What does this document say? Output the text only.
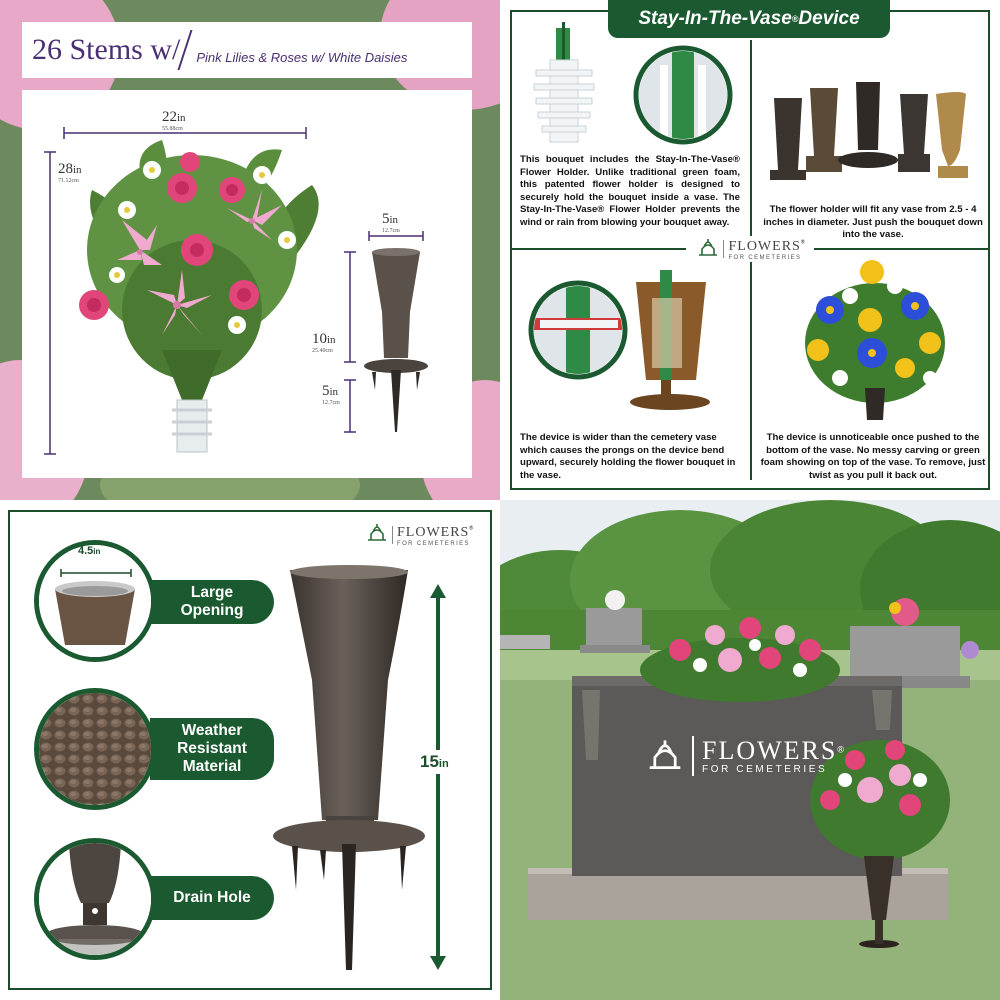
26 Stems w/ Pink Lilies & Roses w/ White Daisies
22in
55.88cm
28in
71.12cm
5in
12.7cm
10in
25.40cm
5in
12.7cm
Stay-In-The-Vase ® Device
FLOWERS®
FOR CEMETERIES
This bouquet includes the Stay-In-The-Vase® Flower Holder. Unlike traditional green foam, this patented flower holder is designed to securely hold the bouquet inside a vase. The Stay-In-The-Vase® Flower Holder prevents the wind or rain from blowing your bouquet away.
The flower holder will fit any vase from 2.5 - 4 inches in diameter. Just push the bouquet down into the vase.
The device is wider than the cemetery vase which causes the prongs on the device bend upward, securely holding the flower bouquet in the vase.
The device is unnoticeable once pushed to the bottom of the vase. No messy carving or green foam showing on top of the vase. To remove, just twist as you pull it back out.
FLOWERS®
FOR CEMETERIES
Large
Opening
4.5in
Weather
Resistant
Material
Drain Hole
15in	FLOWERS®
FOR CEMETERIES
